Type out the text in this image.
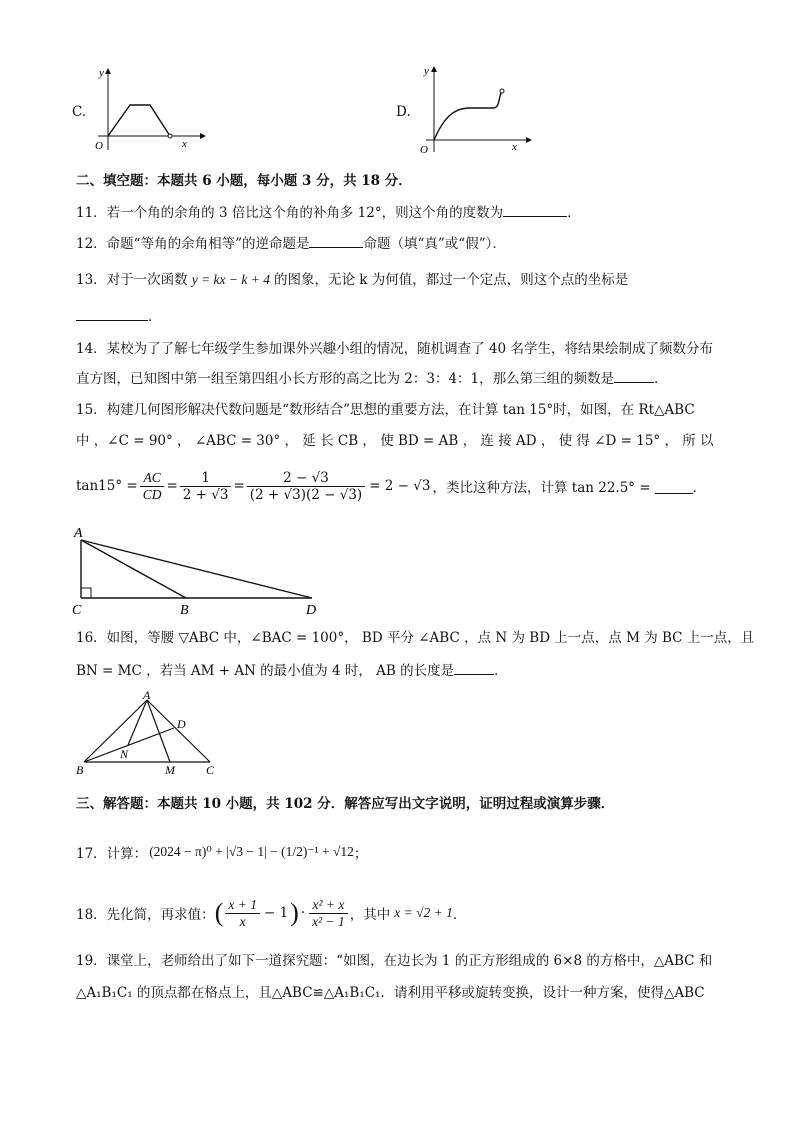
C.
y
x
O
D.
y
x
O
二、填空题：本题共 6 小题，每小题 3 分，共 18 分．
11．若一个角的余角的 3 倍比这个角的补角多 12°，则这个角的度数为	．
12．命题“等角的余角相等”的逆命题是	命题（填“真”或“假”）．
13．对于一次函数 y = kx − k + 4 的图象，无论 k 为何值，都过一个定点，则这个点的坐标是
．
14．某校为了了解七年级学生参加课外兴趣小组的情况，随机调查了 40 名学生，将结果绘制成了频数分布
直方图，已知图中第一组至第四组小长方形的高之比为 2：3：4：1，那么第三组的频数是	．
15．构建几何图形解决代数问题是“数形结合”思想的重要方法，在计算 tan 15°时，如图，在 Rt△ABC
中 ，∠C = 90° ， ∠ABC = 30° ， 延 长 CB ， 使 BD = AB ， 连 接 AD ， 使 得 ∠D = 15° ， 所 以
$\tan 15^\circ = \frac{AC}{CD} = \frac{1}{2 + √3} = \frac{2 - √3}{(2 + √3)(2 - √3)} = 2 - √3$ ，类比这种方法，计算 tan 22.5° =	．
A
C	B	D
16．如图，等腰 ▽ABC 中，∠BAC = 100°， BD 平分 ∠ABC ，点 N 为 BD 上一点，点 M 为 BC 上一点，且
BN = MC ，若当 AM + AN 的最小值为 4 时， AB 的长度是	．
A
D
N
B	M	C
三、解答题：本题共 10 小题，共 102 分．解答应写出文字说明，证明过程或演算步骤．
17．计算： (2024 − π)⁰ + |√3 − 1| − (1/2)⁻¹ + √12 ；
18．先化简，再求值： ( $\frac{x + 1}{x} - 1$ ) · $\frac{\text{x² + x}}{\text{x² − 1}}$ ，其中 x = √2 + 1 ．
19．课堂上，老师给出了如下一道探究题：“如图，在边长为 1 的正方形组成的 6×8 的方格中，△ABC 和
△A₁B₁C₁ 的顶点都在格点上，且△ABC≌△A₁B₁C₁．请利用平移或旋转变换，设计一种方案，使得△ABC
